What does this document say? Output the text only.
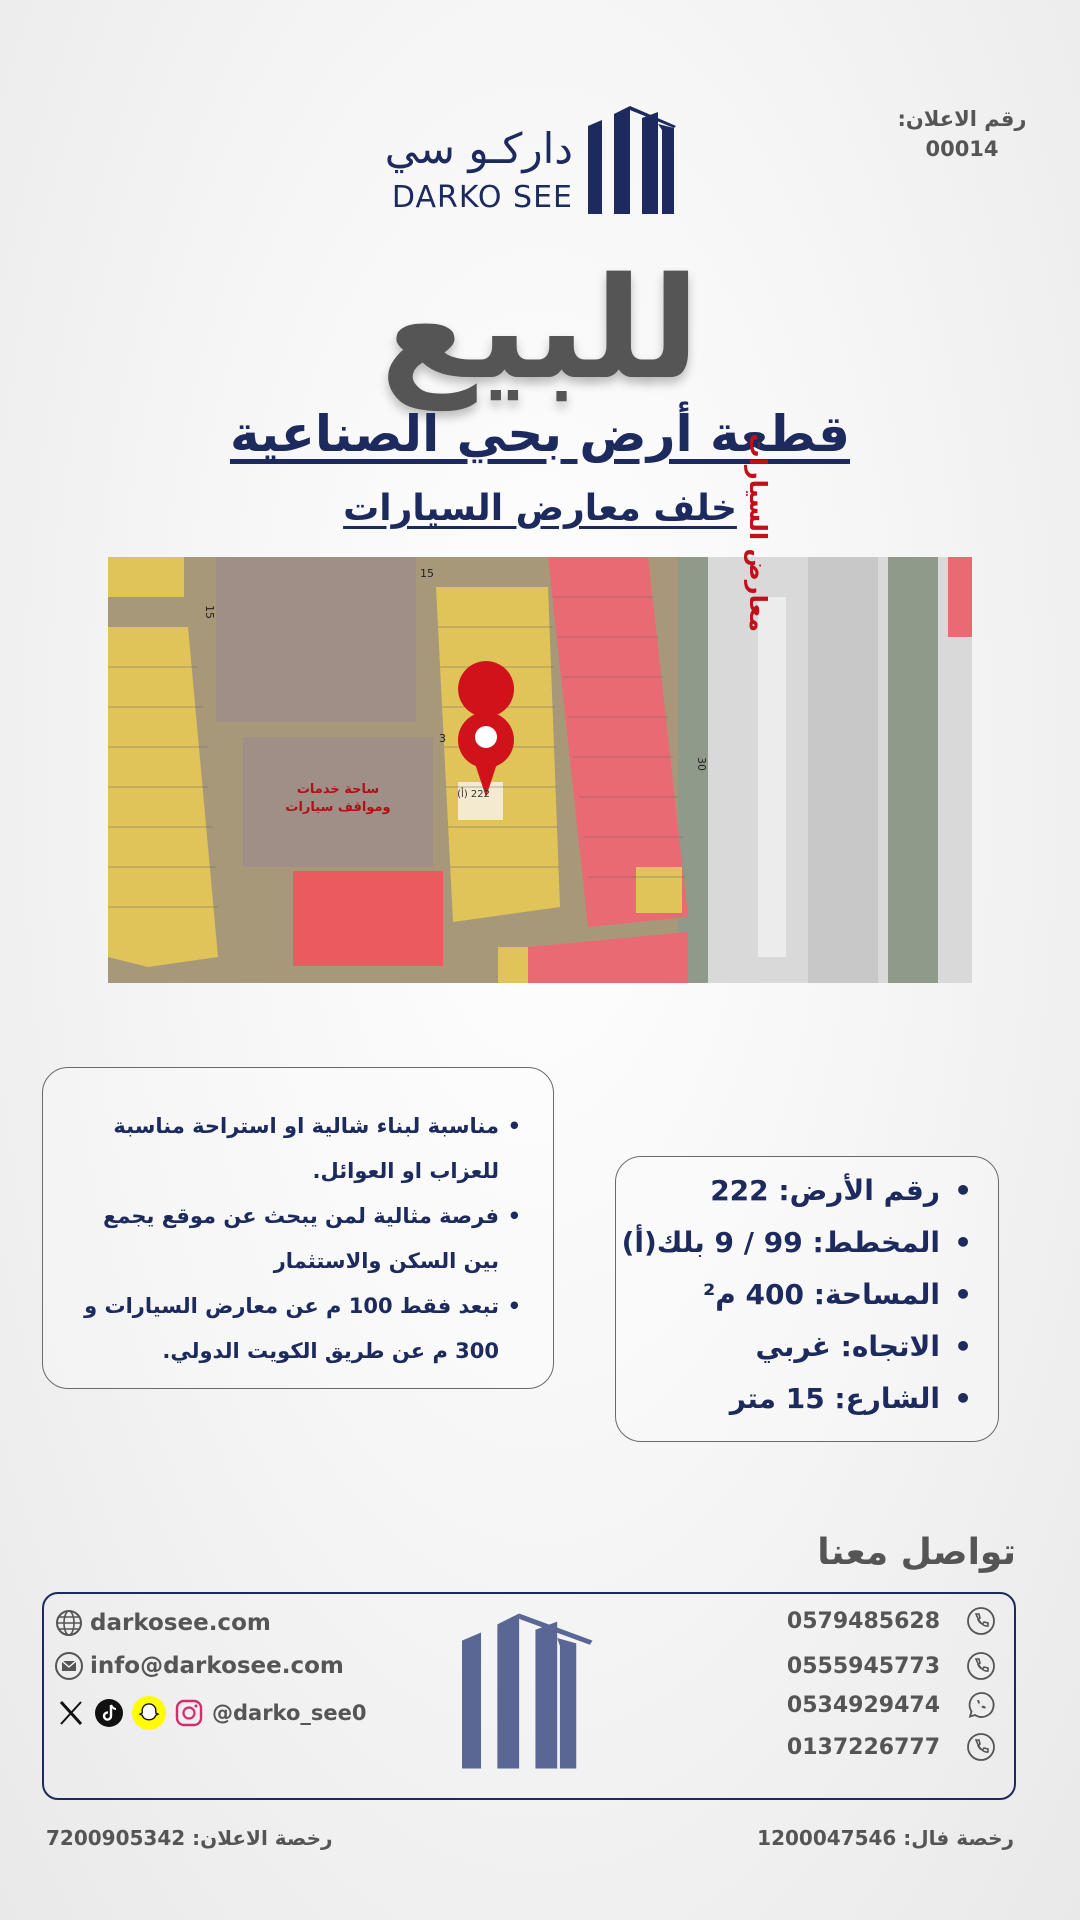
رقم الاعلان:
00014
داركـو سي
DARKO SEE
للبيع
قطعة أرض بحي الصناعية
خلف معارض السيارات
222 (أ)
ساحة خدمات
ومواقف سيارات
معارض السيارات
15
15
30
3
• مناسبة لبناء شالية او استراحة مناسبة للعزاب او العوائل.
• فرصة مثالية لمن يبحث عن موقع يجمع بين السكن والاستثمار
• تبعد فقط 100 م عن معارض السيارات و 300 م عن طريق الكويت الدولي.
• رقم الأرض: 222
• المخطط: 99 / 9 بلك(أ)
• المساحة: 400 م²
• الاتجاه: غربي
• الشارع: 15 متر
تواصل معنا
darkosee.com
info@darkosee.com
@darko_see0
0579485628
0555945773
0534929474
0137226777
رخصة الاعلان: 7200905342	رخصة فال: 1200047546
